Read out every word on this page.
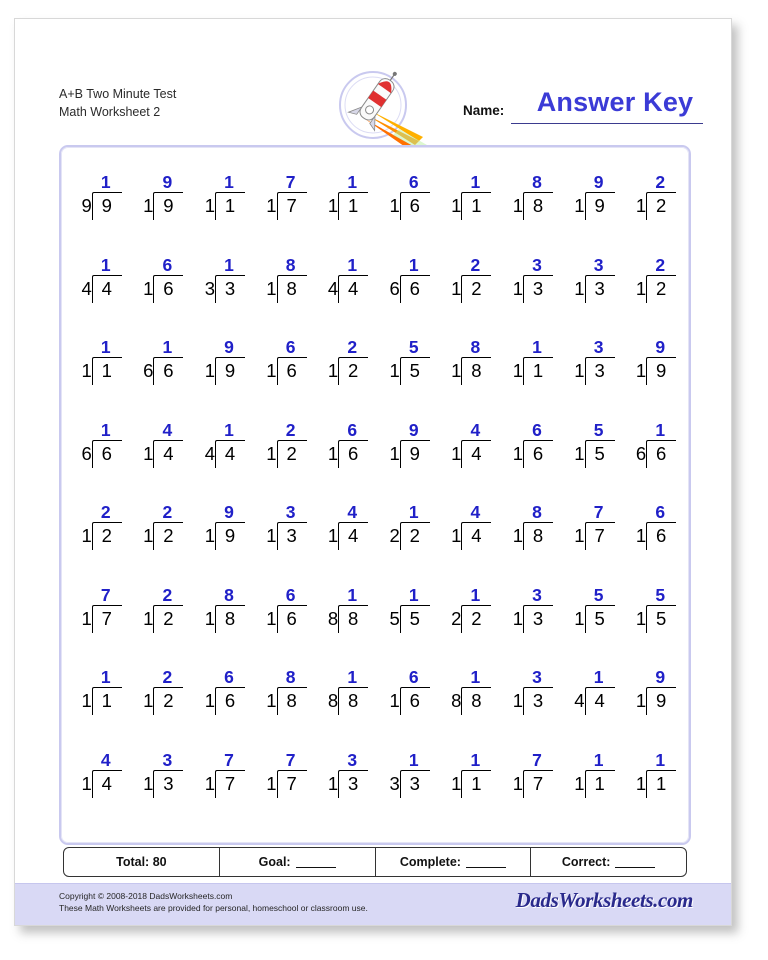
A+B Two Minute Test
Math Worksheet 2	Name:	Answer Key
1
9 9
9
1 9
1
1 1
7
1 7
1
1 1
6
1 6
1
1 1
8
1 8
9
1 9
2
1 2
1
4 4
6
1 6
1
3 3
8
1 8
1
4 4
1
6 6
2
1 2
3
1 3
3
1 3
2
1 2
1
1 1
1
6 6
9
1 9
6
1 6
2
1 2
5
1 5
8
1 8
1
1 1
3
1 3
9
1 9
1
6 6
4
1 4
1
4 4
2
1 2
6
1 6
9
1 9
4
1 4
6
1 6
5
1 5
1
6 6
2
1 2
2
1 2
9
1 9
3
1 3
4
1 4
1
2 2
4
1 4
8
1 8
7
1 7
6
1 6
7
1 7
2
1 2
8
1 8
6
1 6
1
8 8
1
5 5
1
2 2
3
1 3
5
1 5
5
1 5
1
1 1
2
1 2
6
1 6
8
1 8
1
8 8
6
1 6
1
8 8
3
1 3
1
4 4
9
1 9
4
1 4
3
1 3
7
1 7
7
1 7
3
1 3
1
3 3
1
1 1
7
1 7
1
1 1
1
1 1
Total: 80	Goal:	Complete:	Correct:
Copyright © 2008-2018 DadsWorksheets.com
These Math Worksheets are provided for personal, homeschool or classroom use.	DadsWorksheets.com
